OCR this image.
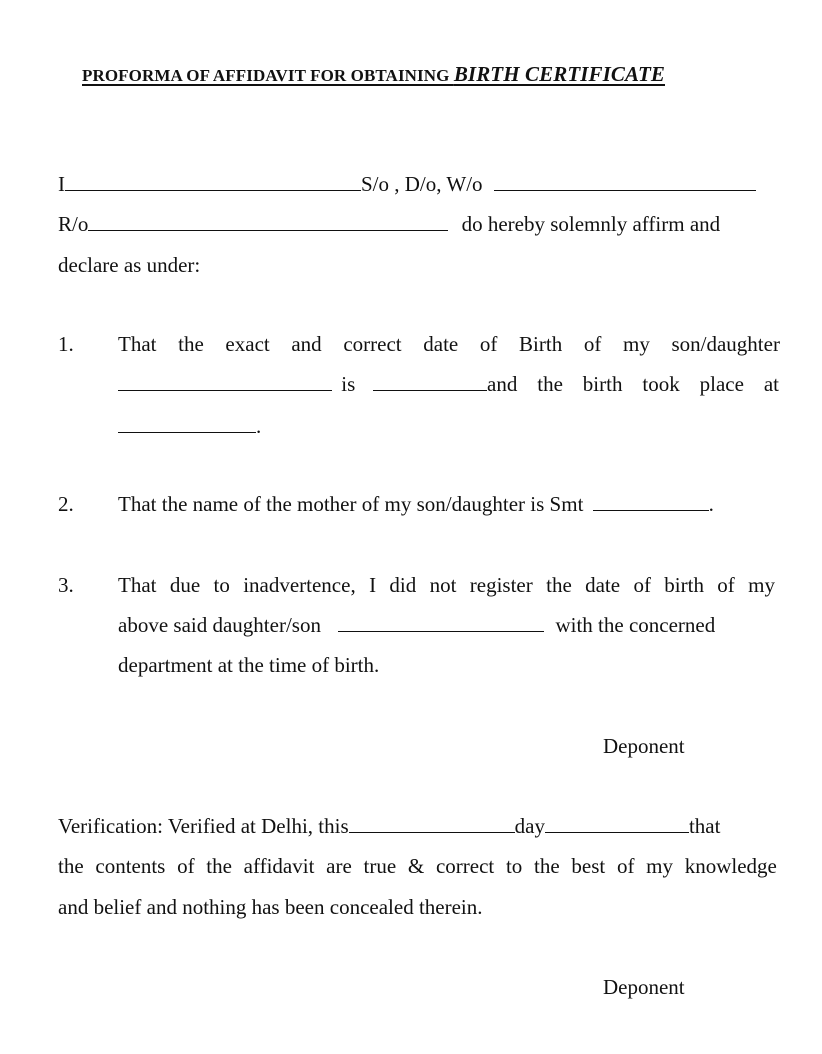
PROFORMA OF AFFIDAVIT FOR OBTAINING BIRTH CERTIFICATE
I	S/o , D/o, W/o
R/o	do hereby solemnly affirm and
declare as under:
1. That the exact and correct date of Birth of my son/daughter
is	and the birth took place at
.
2. That the name of the mother of my son/daughter is Smt	.
3. That due to inadvertence, I did not register the date of birth of my
above said daughter/son	with the concerned
department at the time of birth.
Deponent
Verification: Verified at Delhi, this	day	that
the contents of the affidavit are true & correct to the best of my knowledge
and belief and nothing has been concealed therein.
Deponent
